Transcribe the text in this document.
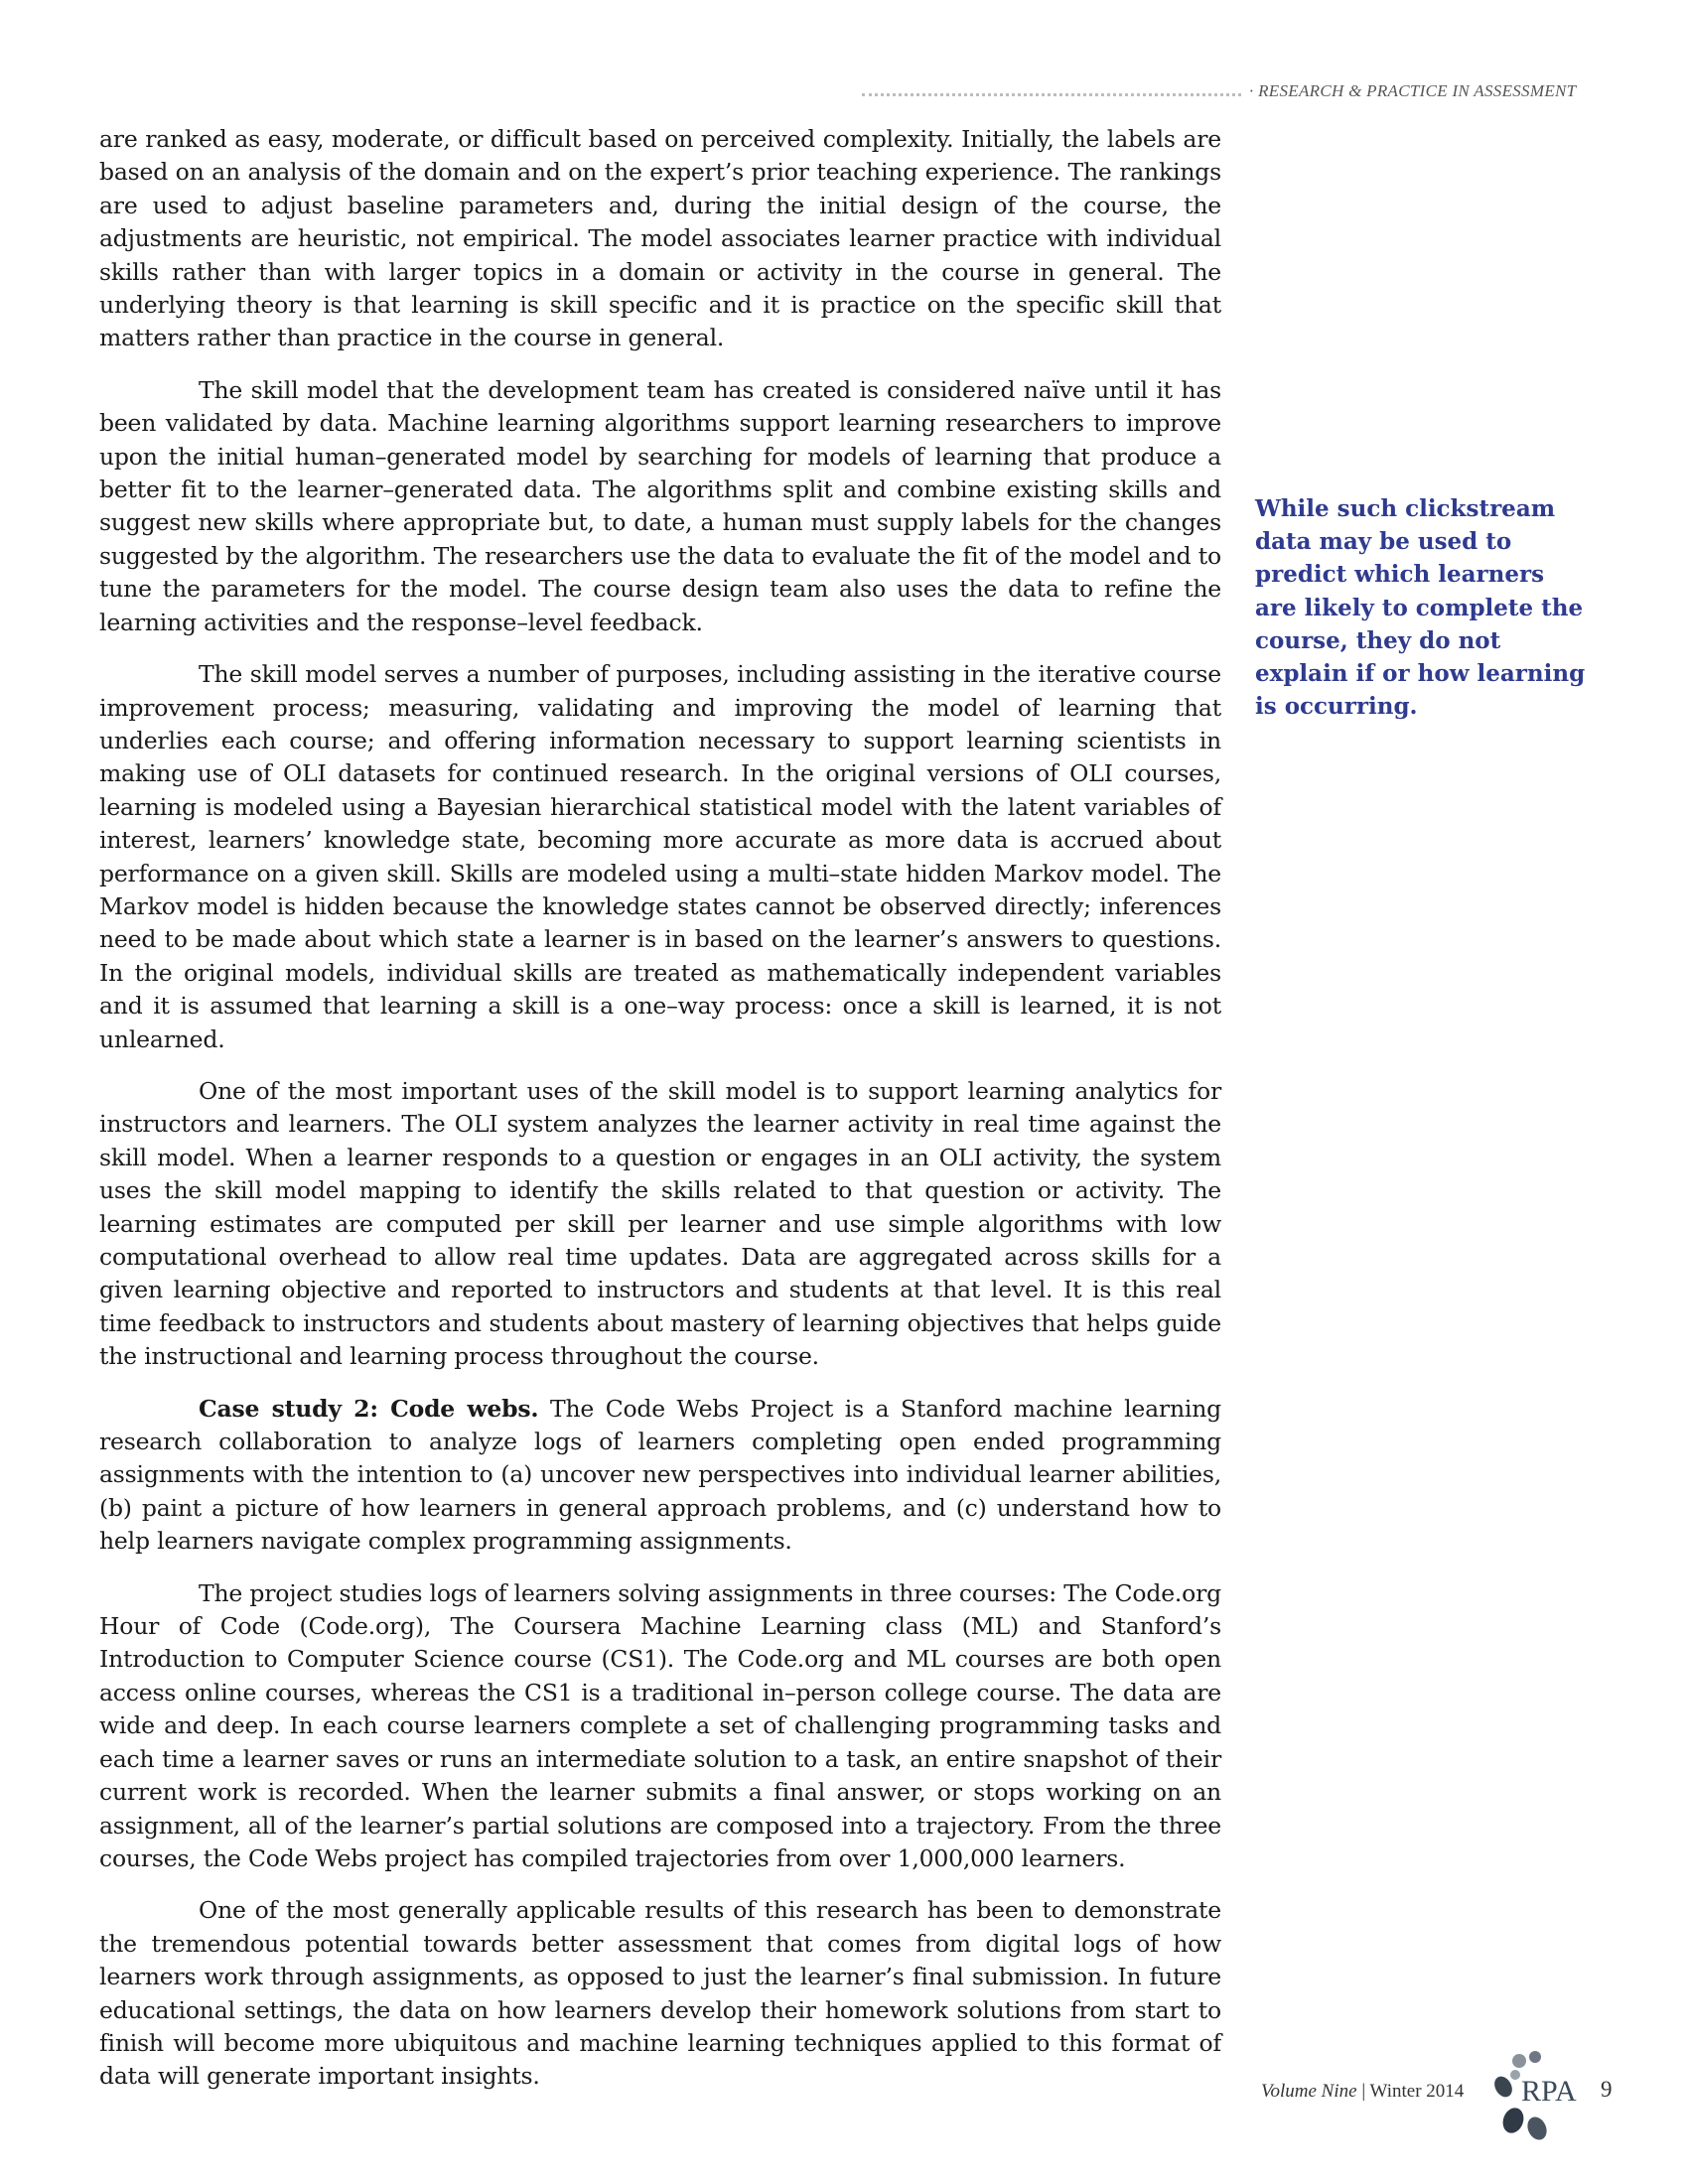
· RESEARCH & PRACTICE IN ASSESSMENT

are ranked as easy, moderate, or difficult based on perceived complexity. Initially, the labels are based on an analysis of the domain and on the expert’s prior teaching experience. The rankings are used to adjust baseline parameters and, during the initial design of the course, the adjustments are heuristic, not empirical. The model associates learner practice with individual skills rather than with larger topics in a domain or activity in the course in general. The underlying theory is that learning is skill specific and it is practice on the specific skill that matters rather than practice in the course in general.

The skill model that the development team has created is considered naïve until it has been validated by data. Machine learning algorithms support learning researchers to improve upon the initial human–generated model by searching for models of learning that produce a better fit to the learner–generated data. The algorithms split and combine existing skills and suggest new skills where appropriate but, to date, a human must supply labels for the changes suggested by the algorithm. The researchers use the data to evaluate the fit of the model and to tune the parameters for the model. The course design team also uses the data to refine the learning activities and the response–level feedback.

The skill model serves a number of purposes, including assisting in the iterative course improvement process; measuring, validating and improving the model of learning that underlies each course; and offering information necessary to support learning scientists in making use of OLI datasets for continued research. In the original versions of OLI courses, learning is modeled using a Bayesian hierarchical statistical model with the latent variables of interest, learners’ knowledge state, becoming more accurate as more data is accrued about performance on a given skill. Skills are modeled using a multi–state hidden Markov model. The Markov model is hidden because the knowledge states cannot be observed directly; inferences need to be made about which state a learner is in based on the learner’s answers to questions. In the original models, individual skills are treated as mathematically independent variables and it is assumed that learning a skill is a one–way process: once a skill is learned, it is not unlearned.

One of the most important uses of the skill model is to support learning analytics for instructors and learners. The OLI system analyzes the learner activity in real time against the skill model. When a learner responds to a question or engages in an OLI activity, the system uses the skill model mapping to identify the skills related to that question or activity. The learning estimates are computed per skill per learner and use simple algorithms with low computational overhead to allow real time updates. Data are aggregated across skills for a given learning objective and reported to instructors and students at that level. It is this real time feedback to instructors and students about mastery of learning objectives that helps guide the instructional and learning process throughout the course.

Case study 2: Code webs. The Code Webs Project is a Stanford machine learning research collaboration to analyze logs of learners completing open ended programming assignments with the intention to (a) uncover new perspectives into individual learner abilities, (b) paint a picture of how learners in general approach problems, and (c) understand how to help learners navigate complex programming assignments.

The project studies logs of learners solving assignments in three courses: The Code.org Hour of Code (Code.org), The Coursera Machine Learning class (ML) and Stanford’s Introduction to Computer Science course (CS1). The Code.org and ML courses are both open access online courses, whereas the CS1 is a traditional in–person college course. The data are wide and deep. In each course learners complete a set of challenging programming tasks and each time a learner saves or runs an intermediate solution to a task, an entire snapshot of their current work is recorded. When the learner submits a final answer, or stops working on an assignment, all of the learner’s partial solutions are composed into a trajectory. From the three courses, the Code Webs project has compiled trajectories from over 1,000,000 learners.

One of the most generally applicable results of this research has been to demonstrate the tremendous potential towards better assessment that comes from digital logs of how learners work through assignments, as opposed to just the learner’s final submission. In future educational settings, the data on how learners develop their homework solutions from start to finish will become more ubiquitous and machine learning techniques applied to this format of data will generate important insights.

While such clickstream data may be used to predict which learners are likely to complete the course, they do not explain if or how learning is occurring.
Volume Nine | Winter 2014 RPA 9
